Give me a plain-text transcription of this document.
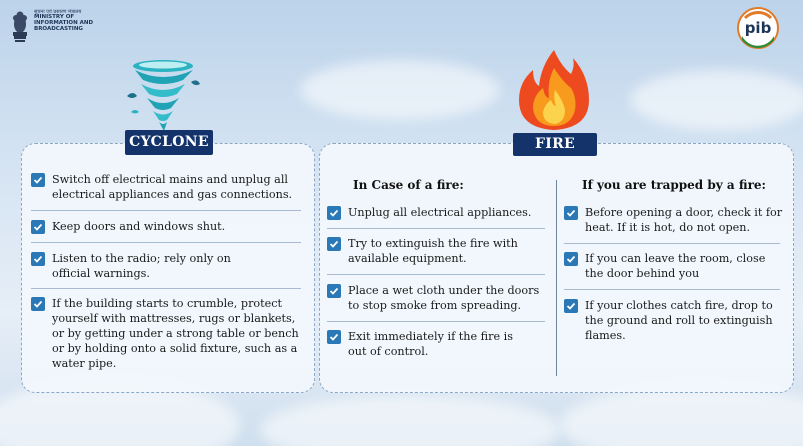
सूचना एवं प्रसारण मंत्रालय
MINISTRY OF
INFORMATION AND
BROADCASTING	pib
CYCLONE
Switch off electrical mains and unplug all electrical appliances and gas connections.
Keep doors and windows shut.
Listen to the radio; rely only on official warnings.
If the building starts to crumble, protect yourself with mattresses, rugs or blankets, or by getting under a strong table or bench or by holding onto a solid fixture, such as a water pipe.
FIRE
In Case of a fire:	If you are trapped by a fire:
Unplug all electrical appliances.
Try to extinguish the fire with available equipment.
Place a wet cloth under the doors to stop smoke from spreading.
Exit immediately if the fire is out of control.
Before opening a door, check it for heat. If it is hot, do not open.
If you can leave the room, close the door behind you
If your clothes catch fire, drop to the ground and roll to extinguish flames.
